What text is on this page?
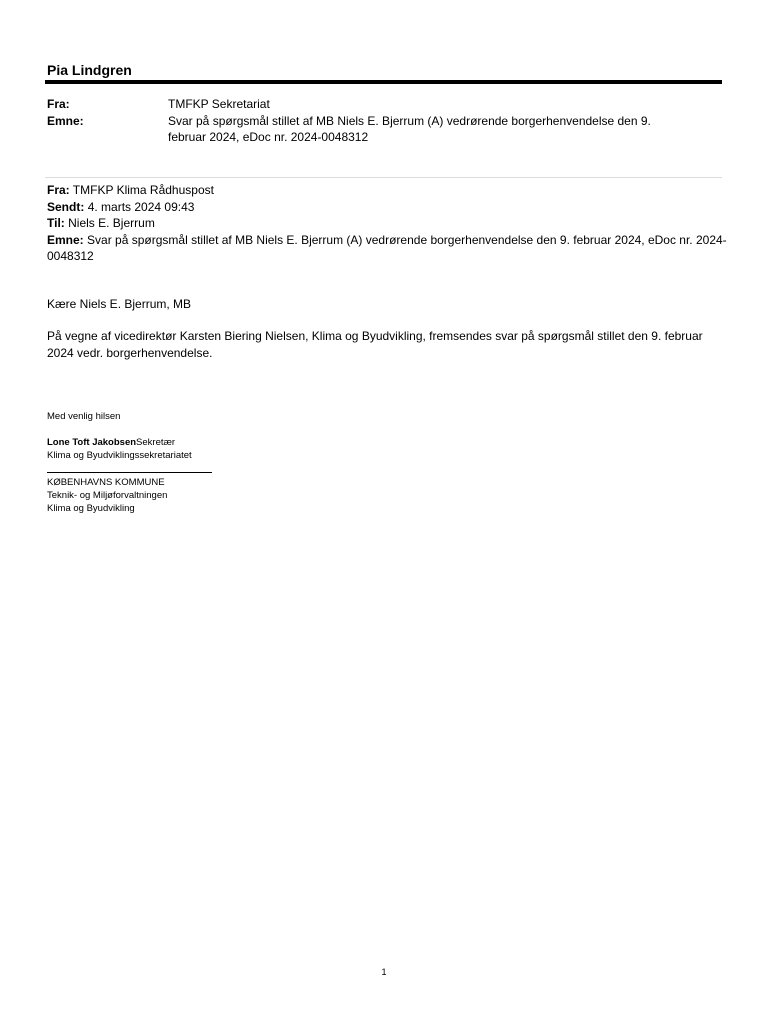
Pia Lindgren
Fra:	TMFKP Sekretariat
Emne:	Svar på spørgsmål stillet af MB Niels E. Bjerrum (A) vedrørende borgerhenvendelse den 9. februar 2024, eDoc nr. 2024-0048312
Fra: TMFKP Klima Rådhuspost
Sendt: 4. marts 2024 09:43
Til: Niels E. Bjerrum
Emne: Svar på spørgsmål stillet af MB Niels E. Bjerrum (A) vedrørende borgerhenvendelse den 9. februar 2024, eDoc nr. 2024-0048312
Kære Niels E. Bjerrum, MB
På vegne af vicedirektør Karsten Biering Nielsen, Klima og Byudvikling, fremsendes svar på spørgsmål stillet den 9. februar 2024 vedr. borgerhenvendelse.
Med venlig hilsen
Lone Toft JakobsenSekretær
Klima og Byudviklingssekretariatet
KØBENHAVNS KOMMUNE
Teknik- og Miljøforvaltningen
Klima og Byudvikling
1
